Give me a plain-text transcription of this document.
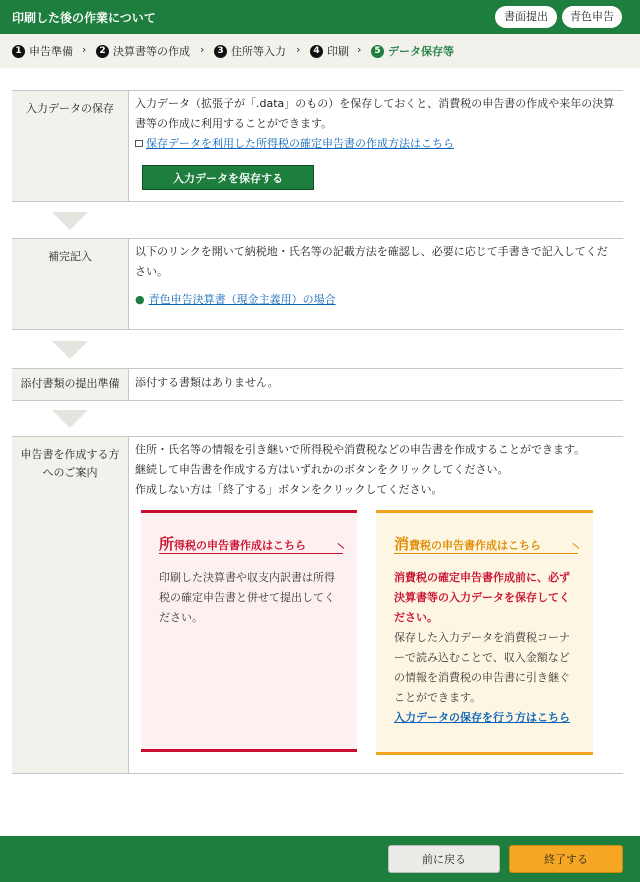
印刷した後の作業について	書面提出	青色申告
1 申告準備 ›	2 決算書等の作成 ›	3 住所等入力 ›	4 印刷 ›	5 データ保存等
入力データの保存	入力データ（拡張子が「.data」のもの）を保存しておくと、消費税の申告書の作成や来年の決算書等の作成に利用することができます。
保存データを利用した所得税の確定申告書の作成方法はこちら
入力データを保存する
補完記入	以下のリンクを開いて納税地・氏名等の記載方法を確認し、必要に応じて手書きで記入してください。
● 青色申告決算書（現金主義用）の場合
添付書類の提出準備	添付する書類はありません。
申告書を作成する方
へのご案内
住所・氏名等の情報を引き継いで所得税や消費税などの申告書を作成することができます。
継続して申告書を作成する方はいずれかのボタンをクリックしてください。
作成しない方は「終了する」ボタンをクリックしてください。
所得税の申告書作成はこちら
印刷した決算書や収支内訳書は所得税の確定申告書と併せて提出してください。
消費税の申告書作成はこちら
消費税の確定申告書作成前に、必ず決算書等の入力データを保存してください。
保存した入力データを消費税コーナーで読み込むことで、収入金額などの情報を消費税の申告書に引き継ぐことができます。
入力データの保存を行う方はこちら
前に戻る	終了する
